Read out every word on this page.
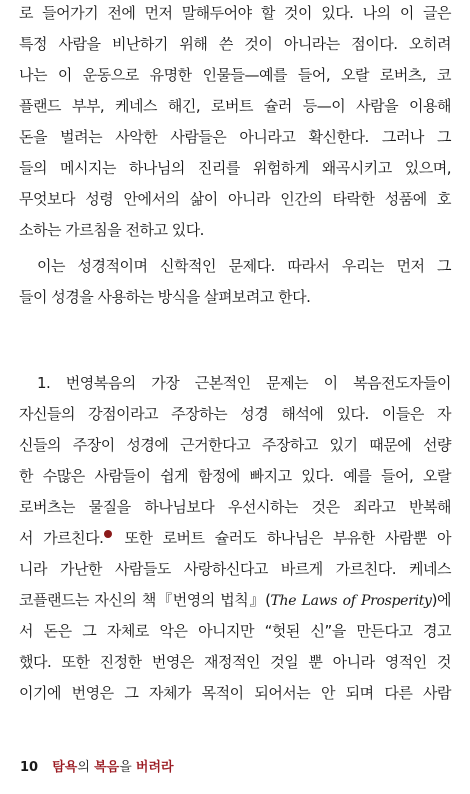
로 들어가기 전에 먼저 말해두어야 할 것이 있다. 나의 이 글은
특정 사람을 비난하기 위해 쓴 것이 아니라는 점이다. 오히려
나는 이 운동으로 유명한 인물들—예를 들어, 오랄 로버츠, 코
플랜드 부부, 케네스 해긴, 로버트 슐러 등—이 사람을 이용해
돈을 벌려는 사악한 사람들은 아니라고 확신한다. 그러나 그
들의 메시지는 하나님의 진리를 위험하게 왜곡시키고 있으며,
무엇보다 성령 안에서의 삶이 아니라 인간의 타락한 성품에 호
소하는 가르침을 전하고 있다.
이는 성경적이며 신학적인 문제다. 따라서 우리는 먼저 그
들이 성경을 사용하는 방식을 살펴보려고 한다.
1. 번영복음의 가장 근본적인 문제는 이 복음전도자들이
자신들의 강점이라고 주장하는 성경 해석에 있다. 이들은 자
신들의 주장이 성경에 근거한다고 주장하고 있기 때문에 선량
한 수많은 사람들이 쉽게 함정에 빠지고 있다. 예를 들어, 오랄
로버츠는 물질을 하나님보다 우선시하는 것은 죄라고 반복해
서 가르친다. 또한 로버트 슐러도 하나님은 부유한 사람뿐 아
니라 가난한 사람들도 사랑하신다고 바르게 가르친다. 케네스
코플랜드는 자신의 책『번영의 법칙』(The Laws of Prosperity)에
서 돈은 그 자체로 악은 아니지만 “헛된 신”을 만든다고 경고
했다. 또한 진정한 번영은 재정적인 것일 뿐 아니라 영적인 것
이기에 번영은 그 자체가 목적이 되어서는 안 되며 다른 사람
10 탐욕의 복음을 버려라
